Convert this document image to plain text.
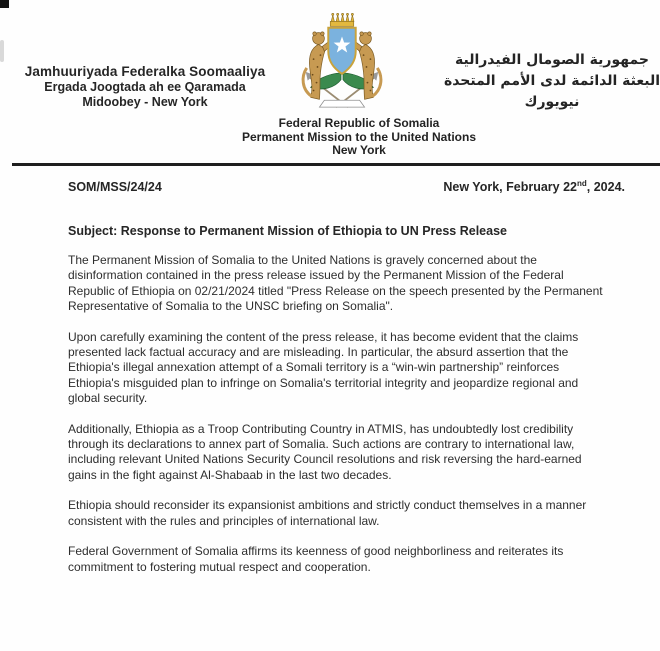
Jamhuuriyada Federalka Soomaaliya
Ergada Joogtada ah ee Qaramada
Midoobey - New York
جمهورية الصومال الفيدرالية
البعثة الدائمة لدى الأمم المتحدة
نيويورك
Federal Republic of Somalia
Permanent Mission to the United Nations
New York
SOM/MSS/24/24	New York, February 22nd, 2024.
Subject: Response to Permanent Mission of Ethiopia to UN Press Release

The Permanent Mission of Somalia to the United Nations is gravely concerned about the disinformation contained in the press release issued by the Permanent Mission of the Federal Republic of Ethiopia on 02/21/2024 titled "Press Release on the speech presented by the Permanent Representative of Somalia to the UNSC briefing on Somalia".

Upon carefully examining the content of the press release, it has become evident that the claims presented lack factual accuracy and are misleading. In particular, the absurd assertion that the Ethiopia's illegal annexation attempt of a Somali territory is a “win-win partnership” reinforces Ethiopia's misguided plan to infringe on Somalia's territorial integrity and jeopardize regional and global security.

Additionally, Ethiopia as a Troop Contributing Country in ATMIS, has undoubtedly lost credibility through its declarations to annex part of Somalia. Such actions are contrary to international law, including relevant United Nations Security Council resolutions and risk reversing the hard-earned gains in the fight against Al-Shabaab in the last two decades.

Ethiopia should reconsider its expansionist ambitions and strictly conduct themselves in a manner consistent with the rules and principles of international law.

Federal Government of Somalia affirms its keenness of good neighborliness and reiterates its commitment to fostering mutual respect and cooperation.
